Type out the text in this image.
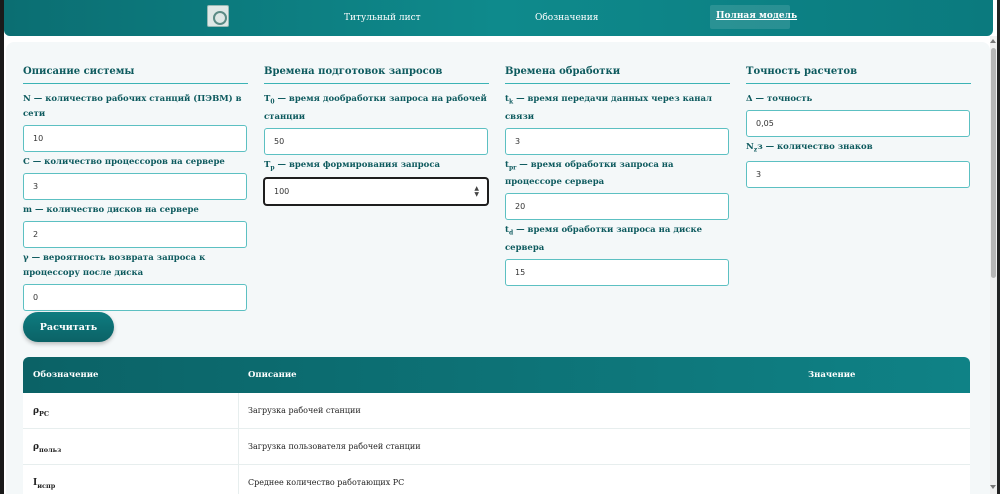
Титульный лист	Обозначения	Полная модель
Описание системы
N — количество рабочих станций (ПЭВМ) в сети
10
C — количество процессоров на сервере
3
m — количество дисков на сервере
2
γ — вероятность возврата запроса к процессору после диска
0
Времена подготовок запросов
$T_0$ — время дообработки запроса на рабочей станции
50
$T_p$ — время формирования запроса
100	▲
▼
Времена обработки
$t_k$ — время передачи данных через канал связи
3
$t_{pr}$ — время обработки запроса на процессоре сервера
20
$t_d$ — время обработки запроса на диске сервера
15
Точность расчетов
Δ — точность
0,05
$N_zз$ — количество знаков
3
Расчитать
Обозначение	Описание	Значение
$\rho_{PC}$	Загрузка рабочей станции
$\rho_{польз}$	Загрузка пользователя рабочей станции
$I_{испр}$	Среднее количество работающих РС
